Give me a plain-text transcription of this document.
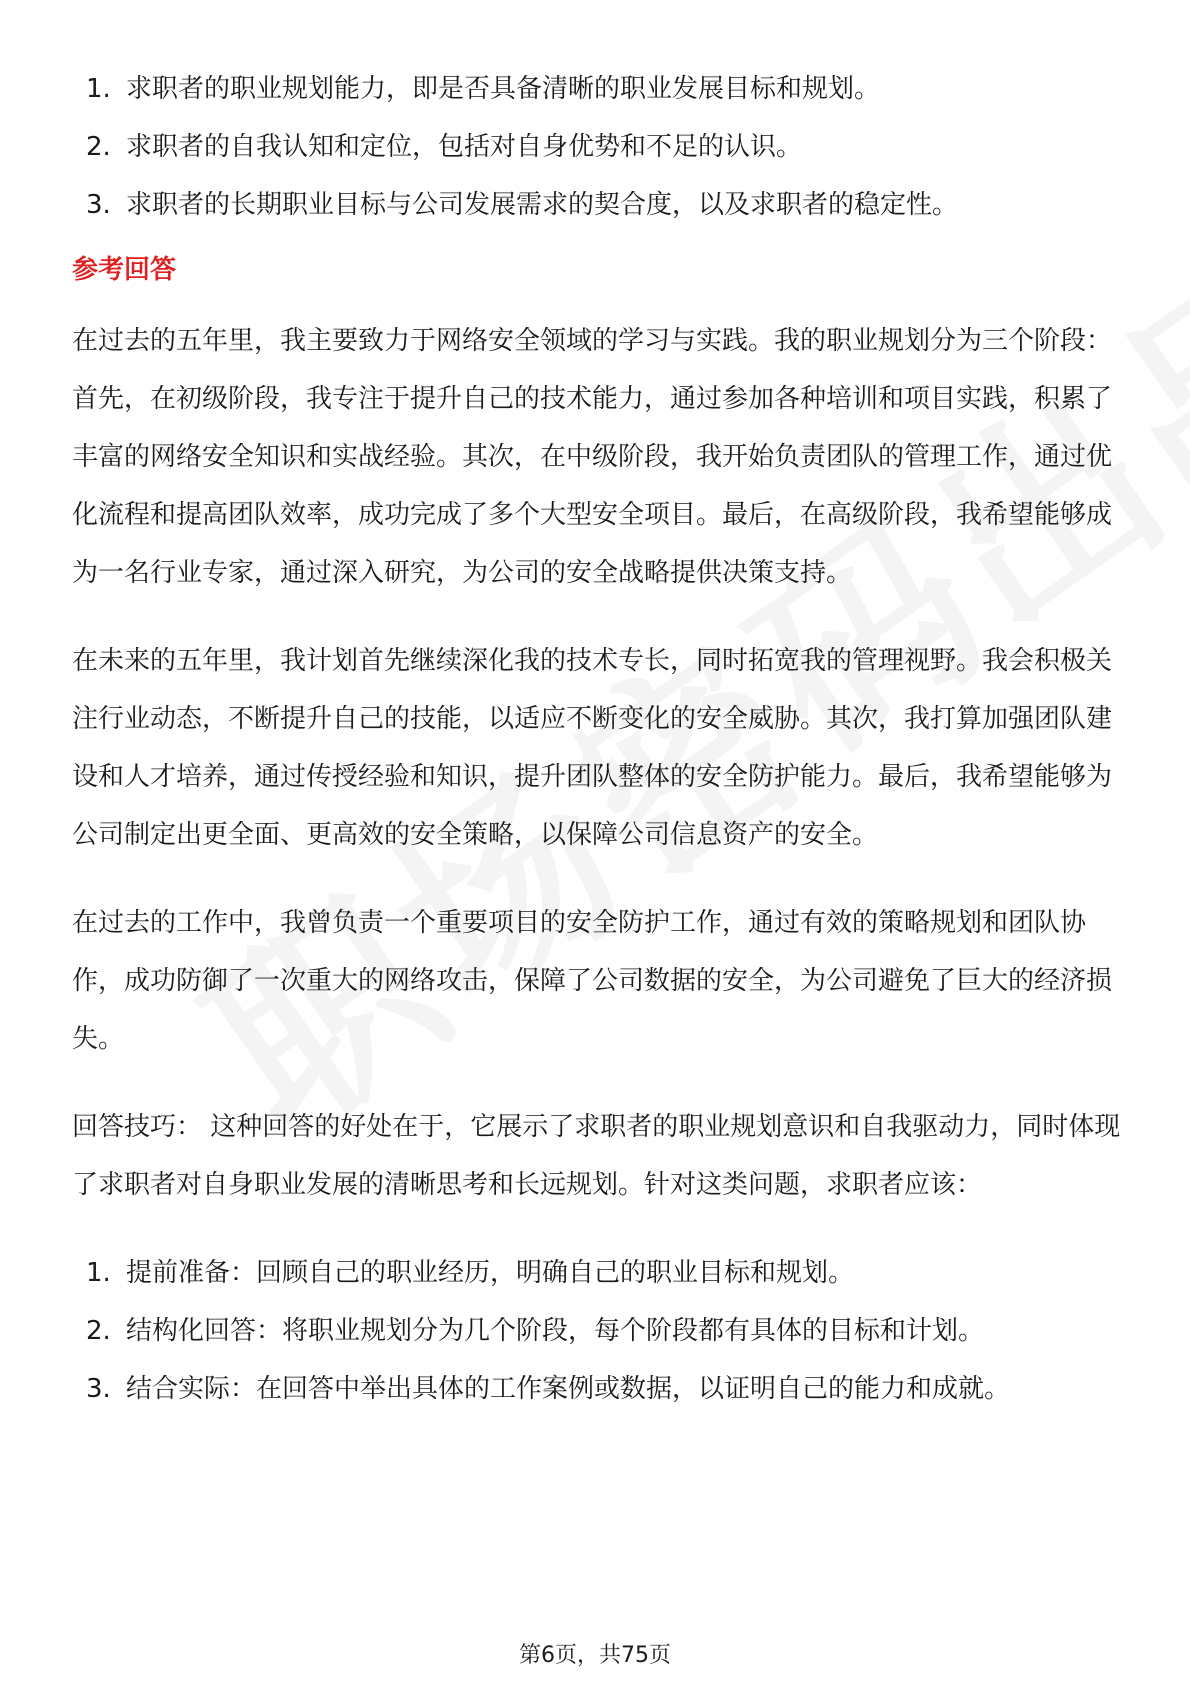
1. 求职者的职业规划能力，即是否具备清晰的职业发展目标和规划。
2. 求职者的自我认知和定位，包括对自身优势和不足的认识。
3. 求职者的长期职业目标与公司发展需求的契合度，以及求职者的稳定性。
参考回答

在过去的五年里，我主要致力于网络安全领域的学习与实践。我的职业规划分为三个阶段：首先，在初级阶段，我专注于提升自己的技术能力，通过参加各种培训和项目实践，积累了丰富的网络安全知识和实战经验。其次，在中级阶段，我开始负责团队的管理工作，通过优化流程和提高团队效率，成功完成了多个大型安全项目。最后，在高级阶段，我希望能够成为一名行业专家，通过深入研究，为公司的安全战略提供决策支持。

在未来的五年里，我计划首先继续深化我的技术专长，同时拓宽我的管理视野。我会积极关注行业动态，不断提升自己的技能，以适应不断变化的安全威胁。其次，我打算加强团队建设和人才培养，通过传授经验和知识，提升团队整体的安全防护能力。最后，我希望能够为公司制定出更全面、更高效的安全策略，以保障公司信息资产的安全。

在过去的工作中，我曾负责一个重要项目的安全防护工作，通过有效的策略规划和团队协作，成功防御了一次重大的网络攻击，保障了公司数据的安全，为公司避免了巨大的经济损失。

回答技巧： 这种回答的好处在于，它展示了求职者的职业规划意识和自我驱动力，同时体现了求职者对自身职业发展的清晰思考和长远规划。针对这类问题，求职者应该：

1. 提前准备：回顾自己的职业经历，明确自己的职业目标和规划。
2. 结构化回答：将职业规划分为几个阶段，每个阶段都有具体的目标和计划。
3. 结合实际：在回答中举出具体的工作案例或数据，以证明自己的能力和成就。
第6页，共75页
